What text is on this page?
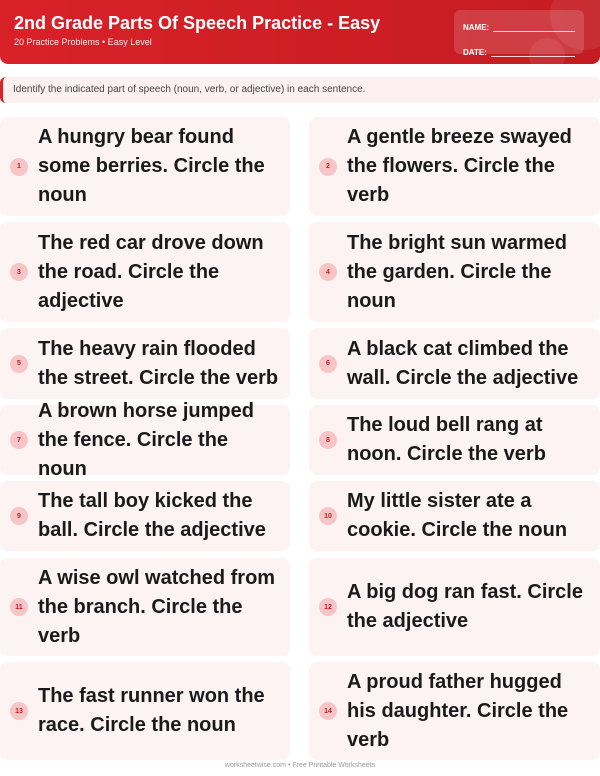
2nd Grade Parts Of Speech Practice - Easy
20 Practice Problems • Easy Level
NAME:
DATE:
Identify the indicated part of speech (noun, verb, or adjective) in each sentence.
1
A hungry bear found some berries. Circle the noun
2
A gentle breeze swayed the flowers. Circle the verb
3
The red car drove down the road. Circle the adjective
4
The bright sun warmed the garden. Circle the noun
5
The heavy rain flooded the street. Circle the verb
6
A black cat climbed the wall. Circle the adjective
7
A brown horse jumped the fence. Circle the noun
8
The loud bell rang at noon. Circle the verb
9
The tall boy kicked the ball. Circle the adjective
10
My little sister ate a cookie. Circle the noun
11
A wise owl watched from the branch. Circle the verb
12
A big dog ran fast. Circle the adjective
13
The fast runner won the race. Circle the noun
14
A proud father hugged his daughter. Circle the verb
worksheetwise.com • Free Printable Worksheets
